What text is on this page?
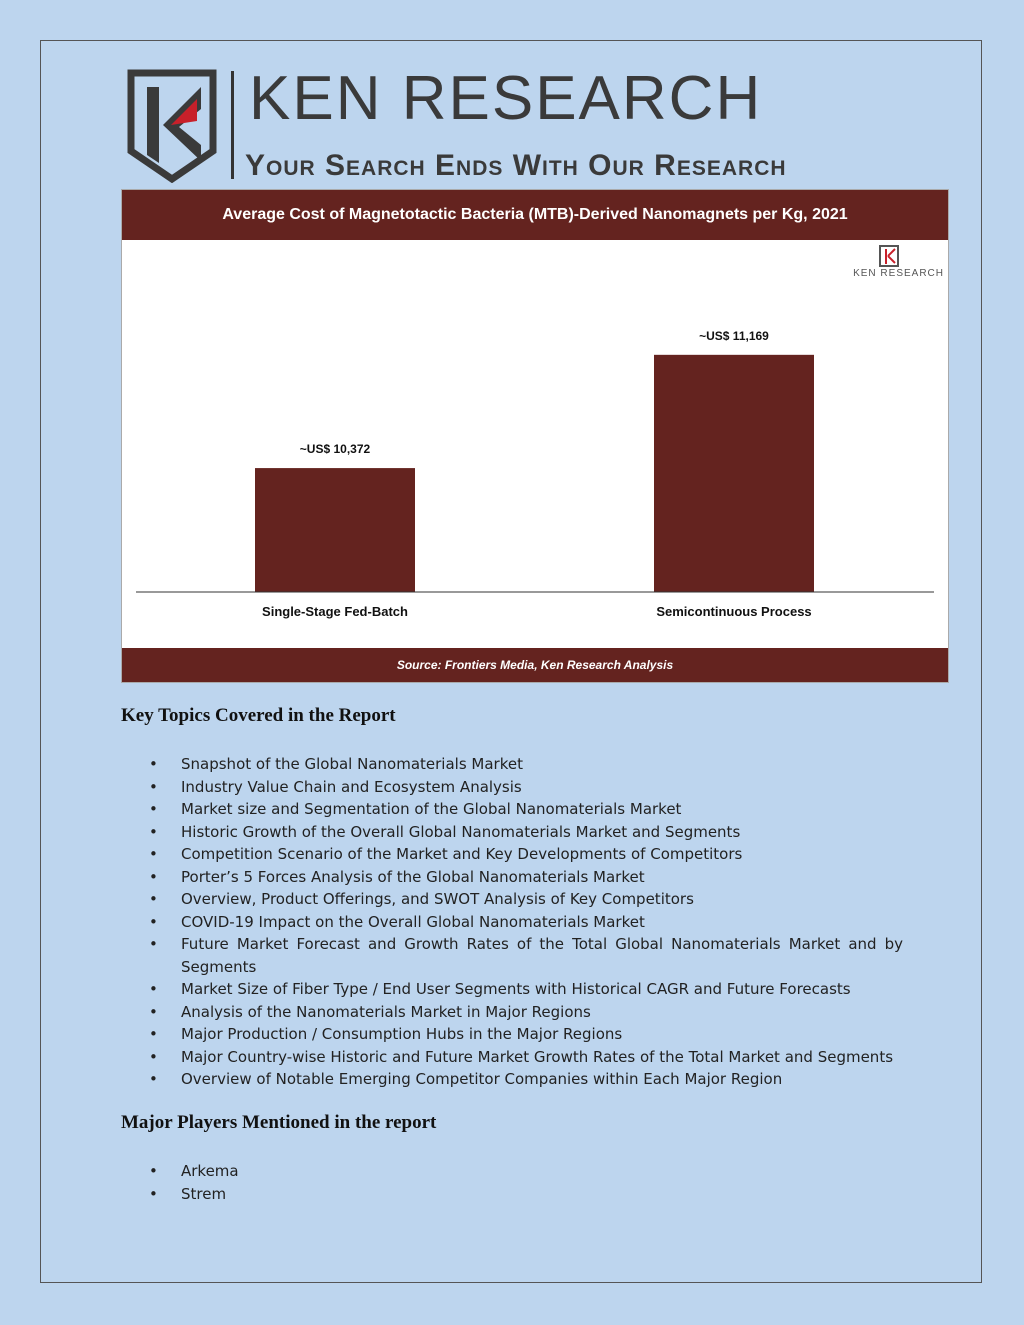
KEN RESEARCH
Your Search Ends With Our Research
Average Cost of Magnetotactic Bacteria (MTB)-Derived Nanomagnets per Kg, 2021
KEN RESEARCH
~US$ 10,372
Single-Stage Fed-Batch
~US$ 11,169
Semicontinuous Process
Source: Frontiers Media, Ken Research Analysis
Key Topics Covered in the Report
• Snapshot of the Global Nanomaterials Market
• Industry Value Chain and Ecosystem Analysis
• Market size and Segmentation of the Global Nanomaterials Market
• Historic Growth of the Overall Global Nanomaterials Market and Segments
• Competition Scenario of the Market and Key Developments of Competitors
• Porter’s 5 Forces Analysis of the Global Nanomaterials Market
• Overview, Product Offerings, and SWOT Analysis of Key Competitors
• COVID-19 Impact on the Overall Global Nanomaterials Market
• Future Market Forecast and Growth Rates of the Total Global Nanomaterials Market and by Segments
• Market Size of Fiber Type / End User Segments with Historical CAGR and Future Forecasts
• Analysis of the Nanomaterials Market in Major Regions
• Major Production / Consumption Hubs in the Major Regions
• Major Country-wise Historic and Future Market Growth Rates of the Total Market and Segments
• Overview of Notable Emerging Competitor Companies within Each Major Region
Major Players Mentioned in the report
• Arkema
• Strem
